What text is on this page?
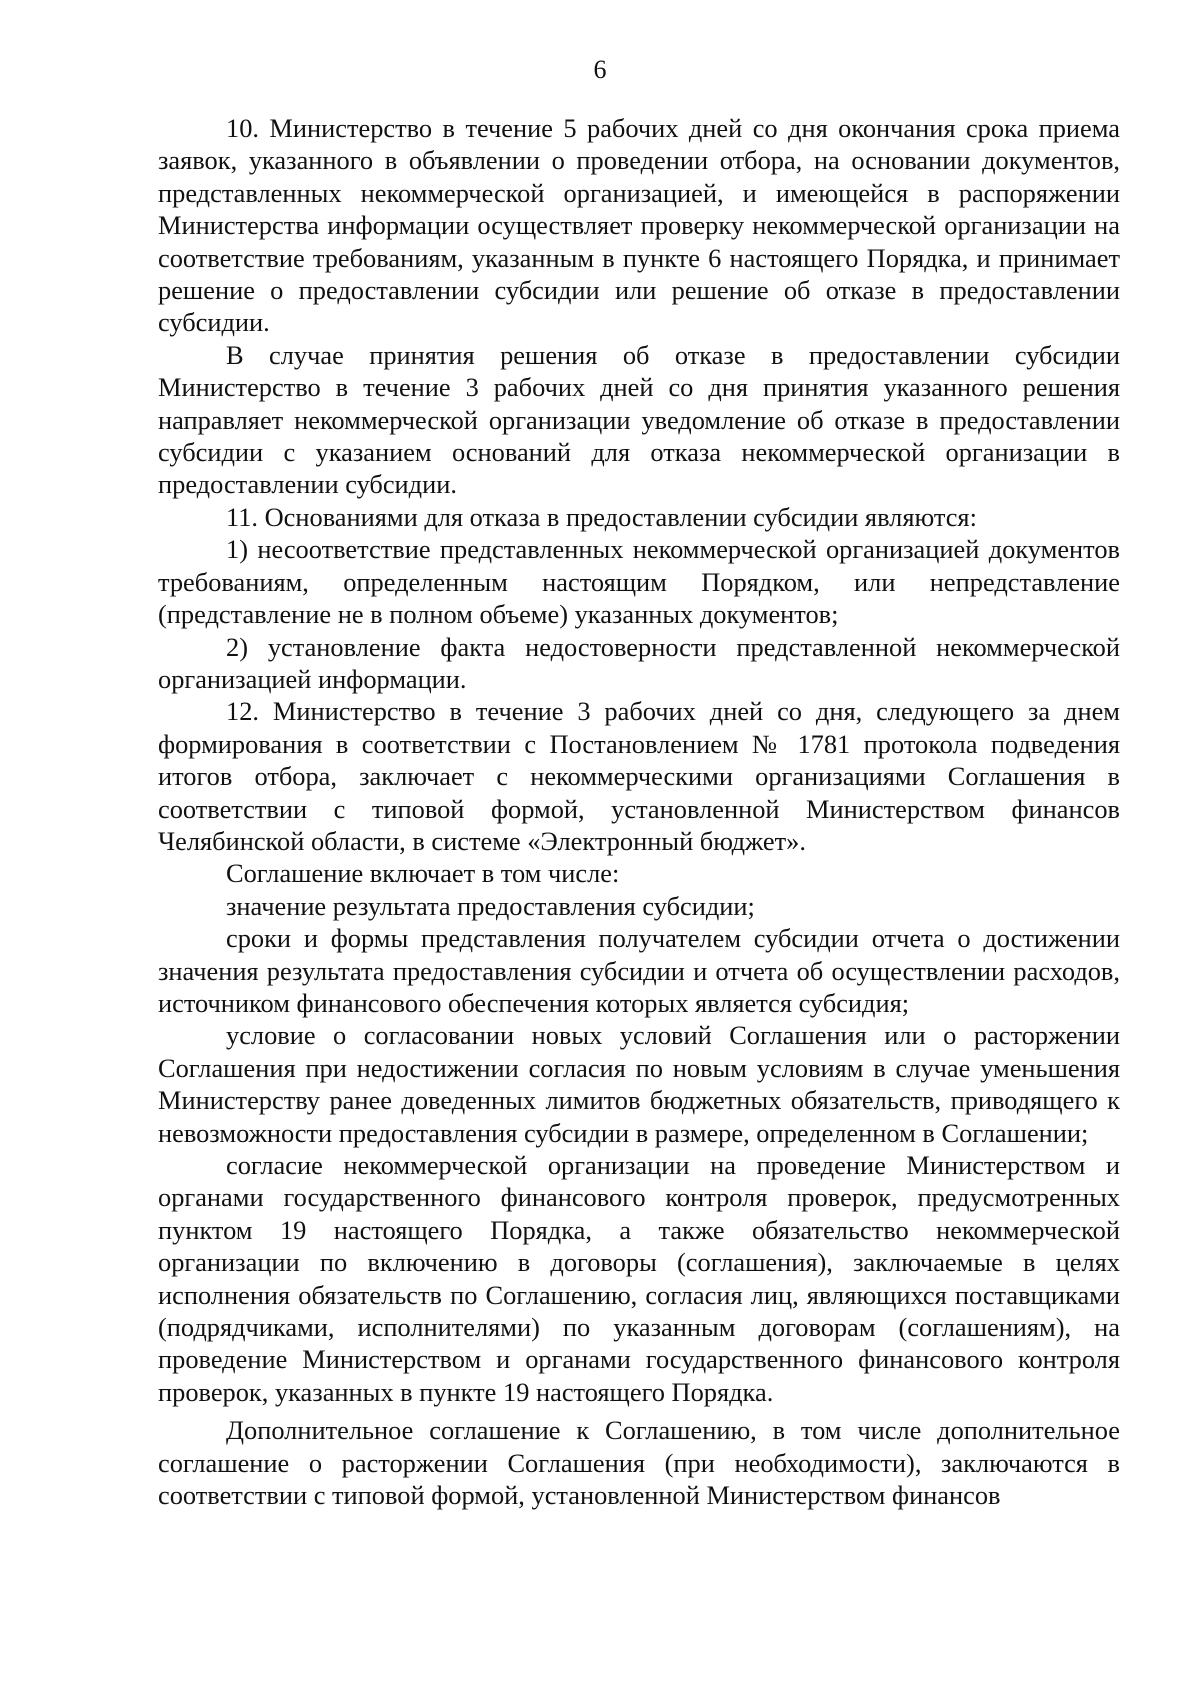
6

10. Министерство в течение 5 рабочих дней со дня окончания срока приема заявок, указанного в объявлении о проведении отбора, на основании документов, представленных некоммерческой организацией, и имеющейся в распоряжении Министерства информации осуществляет проверку некоммерческой организации на соответствие требованиям, указанным в пункте 6 настоящего Порядка, и принимает решение о предоставлении субсидии или решение об отказе в предоставлении субсидии.

В случае принятия решения об отказе в предоставлении субсидии Министерство в течение 3 рабочих дней со дня принятия указанного решения направляет некоммерческой организации уведомление об отказе в предоставлении субсидии с указанием оснований для отказа некоммерческой организации в предоставлении субсидии.

11. Основаниями для отказа в предоставлении субсидии являются:

1) несоответствие представленных некоммерческой организацией документов требованиям, определенным настоящим Порядком, или непредставление (представление не в полном объеме) указанных документов;

2) установление факта недостоверности представленной некоммерческой организацией информации.

12. Министерство в течение 3 рабочих дней со дня, следующего за днем формирования в соответствии с Постановлением № 1781 протокола подведения итогов отбора, заключает с некоммерческими организациями Соглашения в соответствии с типовой формой, установленной Министерством финансов Челябинской области, в системе «Электронный бюджет».

Соглашение включает в том числе:

значение результата предоставления субсидии;

сроки и формы представления получателем субсидии отчета о достижении значения результата предоставления субсидии и отчета об осуществлении расходов, источником финансового обеспечения которых является субсидия;

условие о согласовании новых условий Соглашения или о расторжении Соглашения при недостижении согласия по новым условиям в случае уменьшения Министерству ранее доведенных лимитов бюджетных обязательств, приводящего к невозможности предоставления субсидии в размере, определенном в Соглашении;

согласие некоммерческой организации на проведение Министерством и органами государственного финансового контроля проверок, предусмотренных пунктом 19 настоящего Порядка, а также обязательство некоммерческой организации по включению в договоры (соглашения), заключаемые в целях исполнения обязательств по Соглашению, согласия лиц, являющихся поставщиками (подрядчиками, исполнителями) по указанным договорам (соглашениям), на проведение Министерством и органами государственного финансового контроля проверок, указанных в пункте 19 настоящего Порядка.

Дополнительное соглашение к Соглашению, в том числе дополнительное соглашение о расторжении Соглашения (при необходимости), заключаются в соответствии с типовой формой, установленной Министерством финансов
